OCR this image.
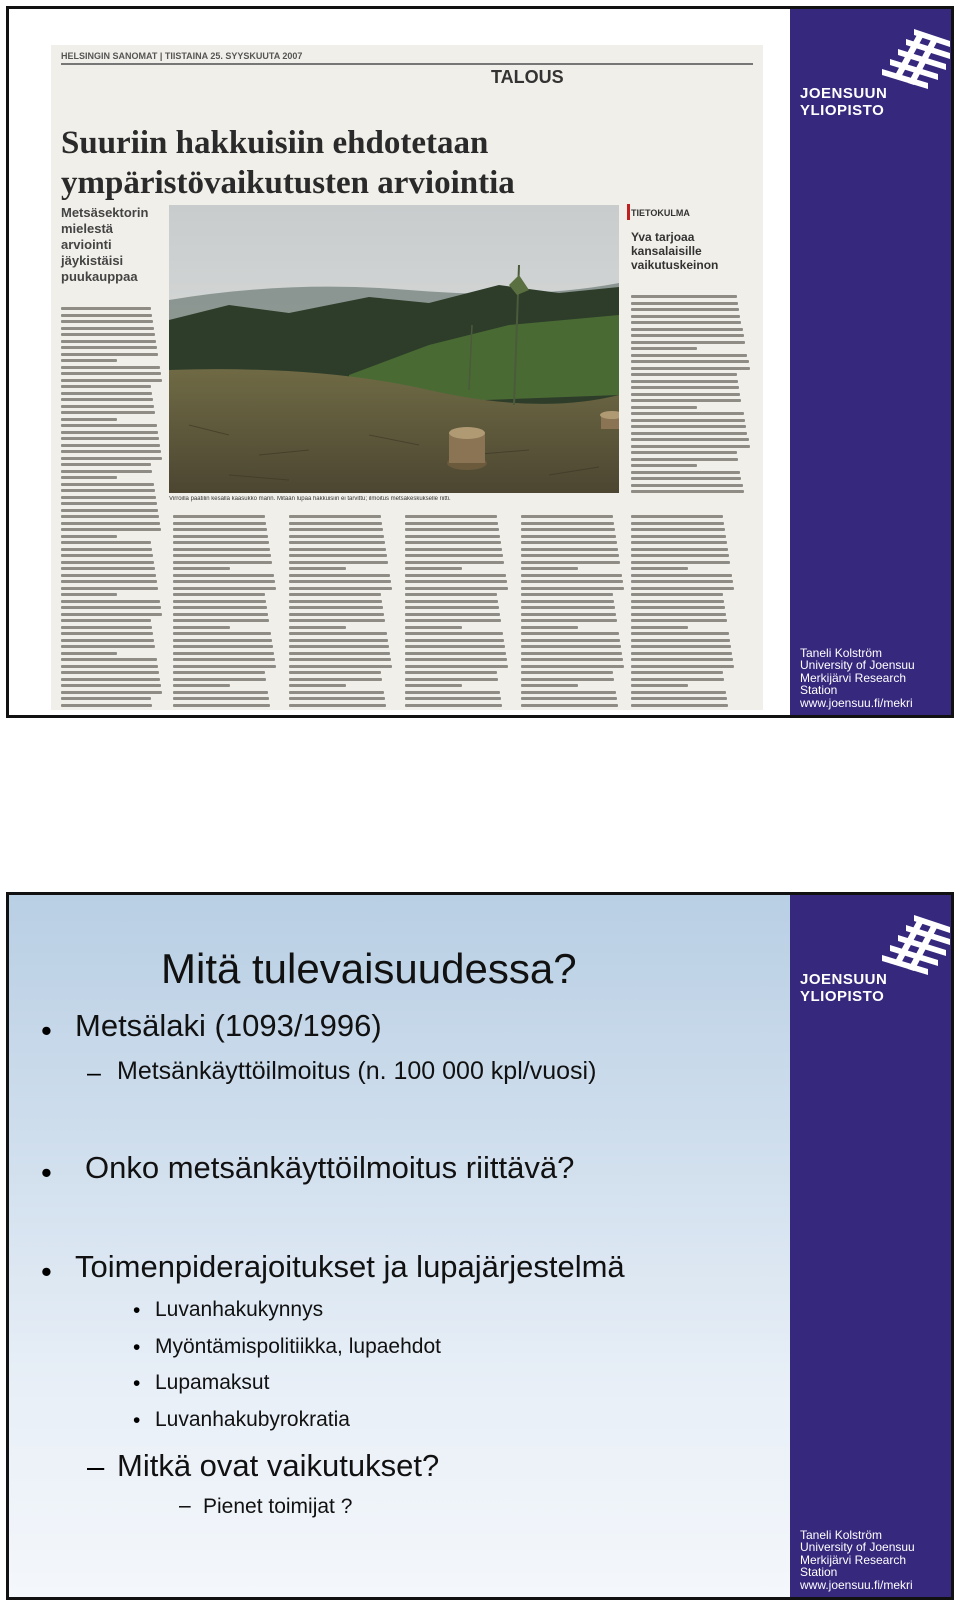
HELSINGIN SANOMAT | TIISTAINA 25. SYYSKUUTA 2007
TALOUS
Suuriin hakkuisiin ehdotetaan ympäristövaikutusten arviointia
Metsäsektorin mielestä arviointi jäykistäisi puukauppaa
TIETOKULMA
Yva tarjoaa kansalaisille vaikutuskeinon
Virroilla paatilin kesällä kaasukko marin. Mitään lupaa hakkuisiin ei tarvittu; ilmoitus metsäkeskukselle riitti.
JOENSUUN
YLIOPISTO
Taneli Kolström
University of Joensuu
Merkijärvi Research
Station
www.joensuu.fi/mekri
Mitä tulevaisuudessa?
• Metsälaki (1093/1996)
– Metsänkäyttöilmoitus (n. 100 000 kpl/vuosi)
• Onko metsänkäyttöilmoitus riittävä?
• Toimenpiderajoitukset ja lupajärjestelmä
• Luvanhakukynnys
• Myöntämispolitiikka, lupaehdot
• Lupamaksut
• Luvanhakubyrokratia
– Mitkä ovat vaikutukset?
– Pienet toimijat ?
JOENSUUN
YLIOPISTO
Taneli Kolström
University of Joensuu
Merkijärvi Research
Station
www.joensuu.fi/mekri
